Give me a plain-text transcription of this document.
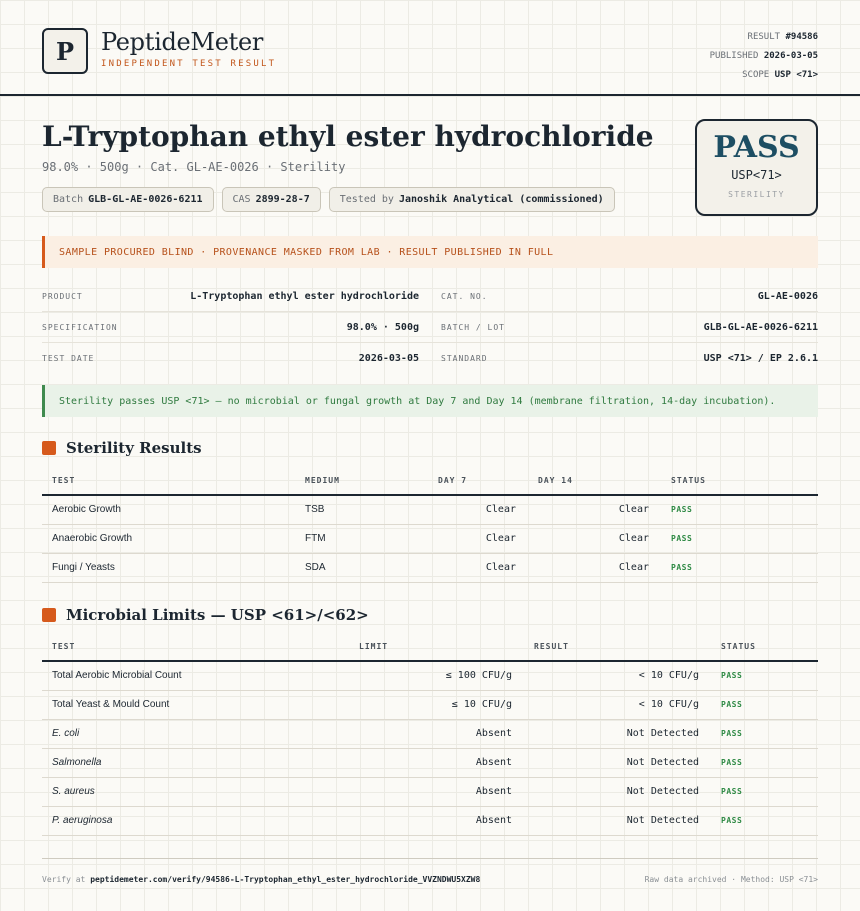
P PeptideMeter
INDEPENDENT TEST RESULT
RESULT #94586
PUBLISHED 2026-03-05
SCOPE USP <71>
L-Tryptophan ethyl ester hydrochloride
98.0% · 500g · Cat. GL-AE-0026 · Sterility
Batch GLB-GL-AE-0026-6211	CAS 2899-28-7	Tested by Janoshik Analytical (commissioned)
PASS
USP<71>
STERILITY
SAMPLE PROCURED BLIND · PROVENANCE MASKED FROM LAB · RESULT PUBLISHED IN FULL
PRODUCT	L-Tryptophan ethyl ester hydrochloride	CAT. NO.	GL-AE-0026
SPECIFICATION	98.0% · 500g	BATCH / LOT	GLB-GL-AE-0026-6211
TEST DATE	2026-03-05	STANDARD	USP <71> / EP 2.6.1
Sterility passes USP <71> — no microbial or fungal growth at Day 7 and Day 14 (membrane filtration, 14-day incubation).
Sterility Results
TEST	MEDIUM	DAY 7	DAY 14	STATUS
Aerobic Growth	TSB	Clear	Clear	PASS
Anaerobic Growth	FTM	Clear	Clear	PASS
Fungi / Yeasts	SDA	Clear	Clear	PASS
Microbial Limits — USP <61>/<62>
TEST	LIMIT	RESULT	STATUS
Total Aerobic Microbial Count	≤ 100 CFU/g	< 10 CFU/g	PASS
Total Yeast & Mould Count	≤ 10 CFU/g	< 10 CFU/g	PASS
E. coli	Absent	Not Detected	PASS
Salmonella	Absent	Not Detected	PASS
S. aureus	Absent	Not Detected	PASS
P. aeruginosa	Absent	Not Detected	PASS
Verify at peptidemeter.com/verify/94586-L-Tryptophan_ethyl_ester_hydrochloride_VVZNDWU5XZW8	Raw data archived · Method: USP <71>
